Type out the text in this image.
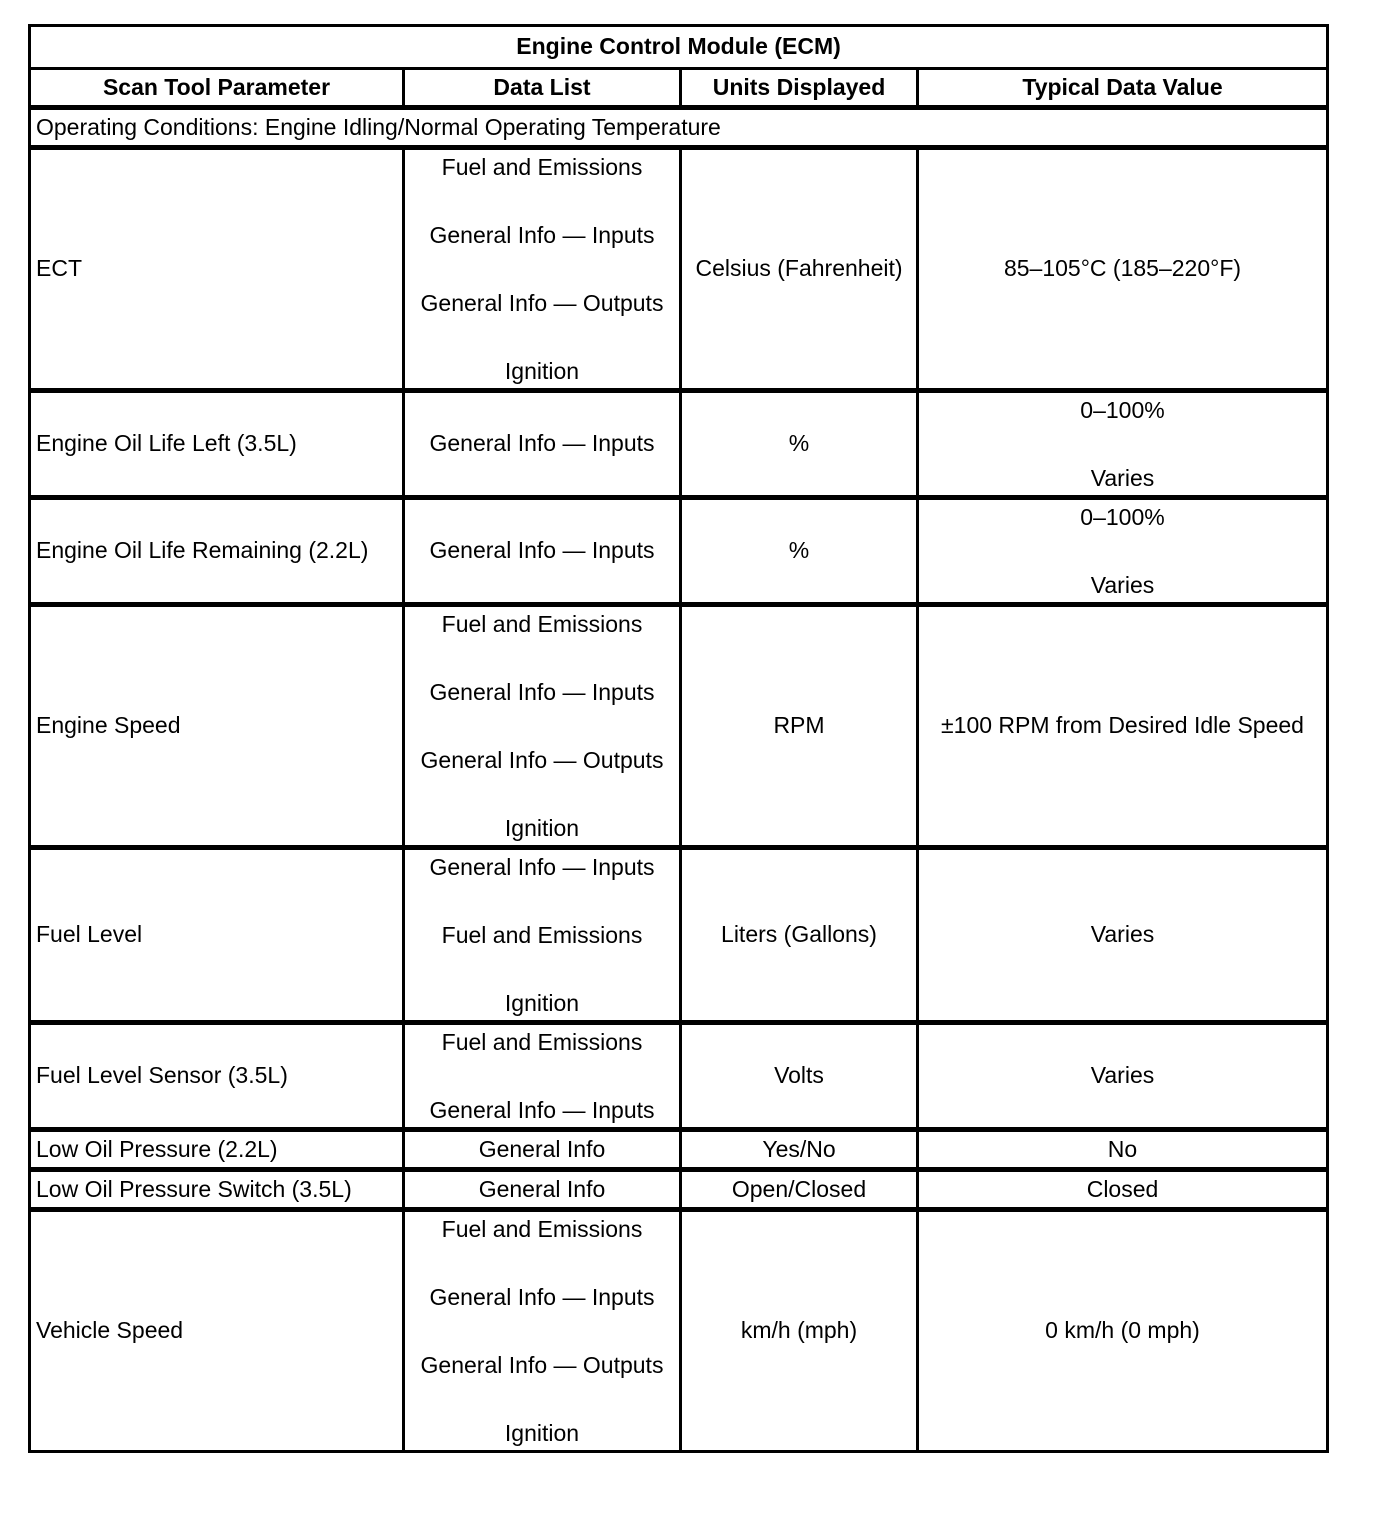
Engine Control Module (ECM)			
Scan Tool Parameter	Data List	Units Displayed	Typical Data Value
Operating Conditions: Engine Idling/Normal Operating Temperature			
ECT	Fuel and Emissions
General Info — Inputs
General Info — Outputs
Ignition	Celsius (Fahrenheit)	85–105°C (185–220°F)
Engine Oil Life Left (3.5L)	General Info — Inputs	%	0–100%
Varies

Engine Oil Life Remaining (2.2L)	General Info — Inputs	%	0–100%
Varies

Engine Speed	Fuel and Emissions
General Info — Inputs
General Info — Outputs
Ignition	RPM	±100 RPM from Desired Idle Speed
Fuel Level	General Info — Inputs
Fuel and Emissions
Ignition	Liters (Gallons)	Varies
Fuel Level Sensor (3.5L)	Fuel and Emissions
General Info — Inputs	Volts	Varies
Low Oil Pressure (2.2L)	General Info	Yes/No	No
Low Oil Pressure Switch (3.5L)	General Info	Open/Closed	Closed
Vehicle Speed	Fuel and Emissions
General Info — Inputs
General Info — Outputs
Ignition	km/h (mph)	0 km/h (0 mph)
